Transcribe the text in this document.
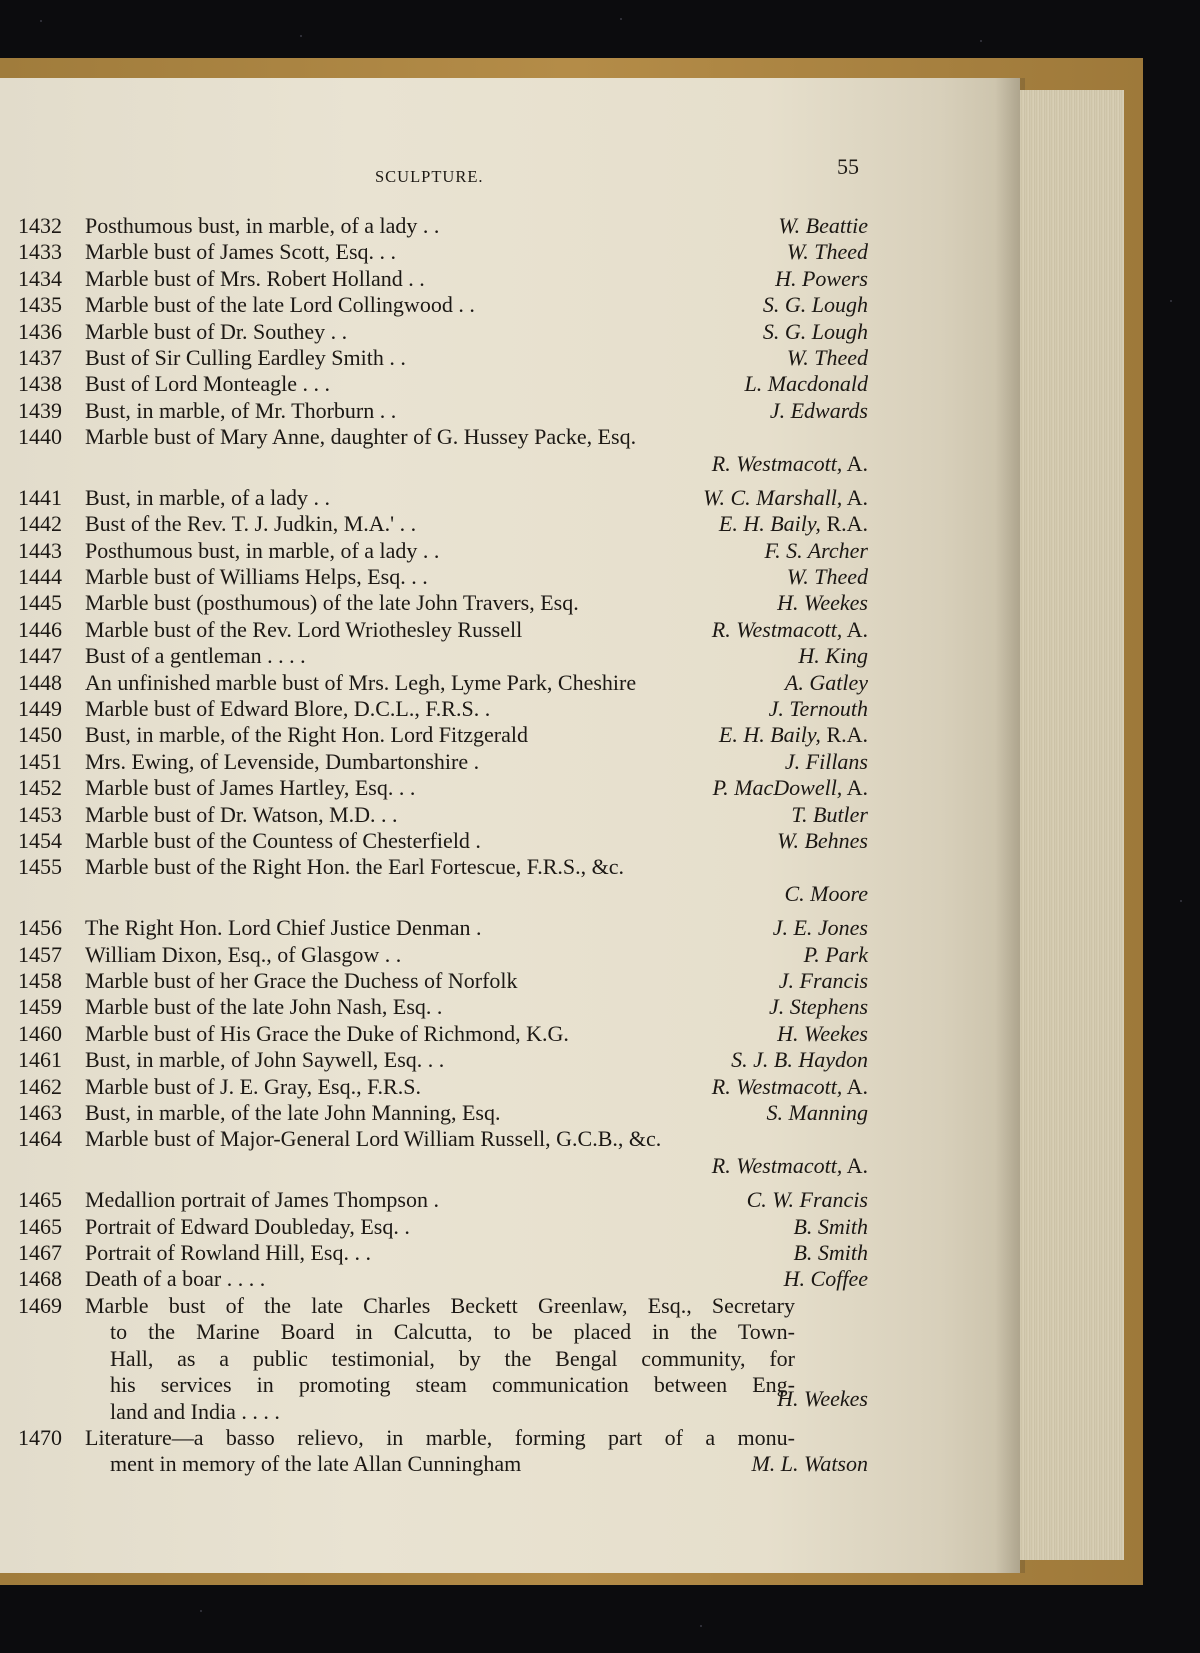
SCULPTURE.	55
1432 Posthumous bust, in marble, of a lady . .	W. Beattie
1433 Marble bust of James Scott, Esq. . .	W. Theed
1434 Marble bust of Mrs. Robert Holland . .	H. Powers
1435 Marble bust of the late Lord Collingwood . .	S. G. Lough
1436 Marble bust of Dr. Southey . .	S. G. Lough
1437 Bust of Sir Culling Eardley Smith . .	W. Theed
1438 Bust of Lord Monteagle . . .	L. Macdonald
1439 Bust, in marble, of Mr. Thorburn . .	J. Edwards
1440 Marble bust of Mary Anne, daughter of G. Hussey Packe, Esq.
R. Westmacott, A.
1441 Bust, in marble, of a lady . .	W. C. Marshall, A.
1442 Bust of the Rev. T. J. Judkin, M.A.' . .	E. H. Baily, R.A.
1443 Posthumous bust, in marble, of a lady . .	F. S. Archer
1444 Marble bust of Williams Helps, Esq. . .	W. Theed
1445 Marble bust (posthumous) of the late John Travers, Esq.	H. Weekes
1446 Marble bust of the Rev. Lord Wriothesley Russell	R. Westmacott, A.
1447 Bust of a gentleman . . . .	H. King
1448 An unfinished marble bust of Mrs. Legh, Lyme Park, Cheshire	A. Gatley
1449 Marble bust of Edward Blore, D.C.L., F.R.S. .	J. Ternouth
1450 Bust, in marble, of the Right Hon. Lord Fitzgerald	E. H. Baily, R.A.
1451 Mrs. Ewing, of Levenside, Dumbartonshire .	J. Fillans
1452 Marble bust of James Hartley, Esq. . .	P. MacDowell, A.
1453 Marble bust of Dr. Watson, M.D. . .	T. Butler
1454 Marble bust of the Countess of Chesterfield .	W. Behnes
1455 Marble bust of the Right Hon. the Earl Fortescue, F.R.S., &c.
C. Moore
1456 The Right Hon. Lord Chief Justice Denman .	J. E. Jones
1457 William Dixon, Esq., of Glasgow . .	P. Park
1458 Marble bust of her Grace the Duchess of Norfolk	J. Francis
1459 Marble bust of the late John Nash, Esq. .	J. Stephens
1460 Marble bust of His Grace the Duke of Richmond, K.G.	H. Weekes
1461 Bust, in marble, of John Saywell, Esq. . .	S. J. B. Haydon
1462 Marble bust of J. E. Gray, Esq., F.R.S.	R. Westmacott, A.
1463 Bust, in marble, of the late John Manning, Esq.	S. Manning
1464 Marble bust of Major-General Lord William Russell, G.C.B., &c.
R. Westmacott, A.
1465 Medallion portrait of James Thompson .	C. W. Francis
1465 Portrait of Edward Doubleday, Esq. .	B. Smith
1467 Portrait of Rowland Hill, Esq. . .	B. Smith
1468 Death of a boar . . . .	H. Coffee
1469 Marble bust of the late Charles Beckett Greenlaw, Esq., Secretary
to the Marine Board in Calcutta, to be placed in the Town-
Hall, as a public testimonial, by the Bengal community, for
his services in promoting steam communication between Eng-
land and India . . . .	H. Weekes
1470 Literature—a basso relievo, in marble, forming part of a monu-
ment in memory of the late Allan Cunningham	M. L. Watson
